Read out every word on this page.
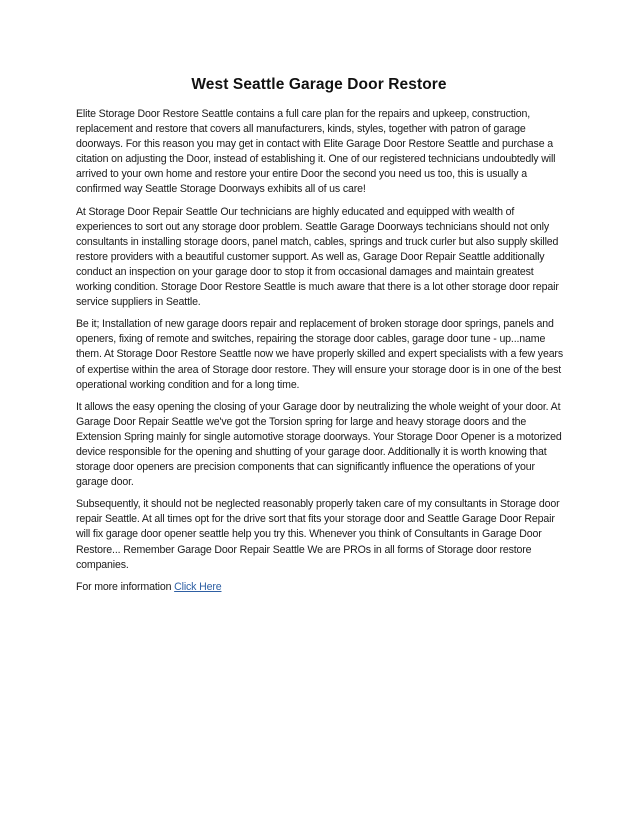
West Seattle Garage Door Restore

Elite Storage Door Restore Seattle contains a full care plan for the repairs and upkeep, construction, replacement and restore that covers all manufacturers, kinds, styles, together with patron of garage doorways. For this reason you may get in contact with Elite Garage Door Restore Seattle and purchase a citation on adjusting the Door, instead of establishing it. One of our registered technicians undoubtedly will arrived to your own home and restore your entire Door the second you need us too, this is usually a confirmed way Seattle Storage Doorways exhibits all of us care!

At Storage Door Repair Seattle Our technicians are highly educated and equipped with wealth of experiences to sort out any storage door problem. Seattle Garage Doorways technicians should not only consultants in installing storage doors, panel match, cables, springs and truck curler but also supply skilled restore providers with a beautiful customer support. As well as, Garage Door Repair Seattle additionally conduct an inspection on your garage door to stop it from occasional damages and maintain greatest working condition. Storage Door Restore Seattle is much aware that there is a lot other storage door repair service suppliers in Seattle.

Be it; Installation of new garage doors repair and replacement of broken storage door springs, panels and openers, fixing of remote and switches, repairing the storage door cables, garage door tune - up...name them. At Storage Door Restore Seattle now we have properly skilled and expert specialists with a few years of expertise within the area of Storage door restore. They will ensure your storage door is in one of the best operational working condition and for a long time.

It allows the easy opening the closing of your Garage door by neutralizing the whole weight of your door. At Garage Door Repair Seattle we've got the Torsion spring for large and heavy storage doors and the Extension Spring mainly for single automotive storage doorways. Your Storage Door Opener is a motorized device responsible for the opening and shutting of your garage door. Additionally it is worth knowing that storage door openers are precision components that can significantly influence the operations of your garage door.

Subsequently, it should not be neglected reasonably properly taken care of my consultants in Storage door repair Seattle. At all times opt for the drive sort that fits your storage door and Seattle Garage Door Repair will fix garage door opener seattle help you try this. Whenever you think of Consultants in Garage Door Restore... Remember Garage Door Repair Seattle We are PROs in all forms of Storage door restore companies.

For more information Click Here
